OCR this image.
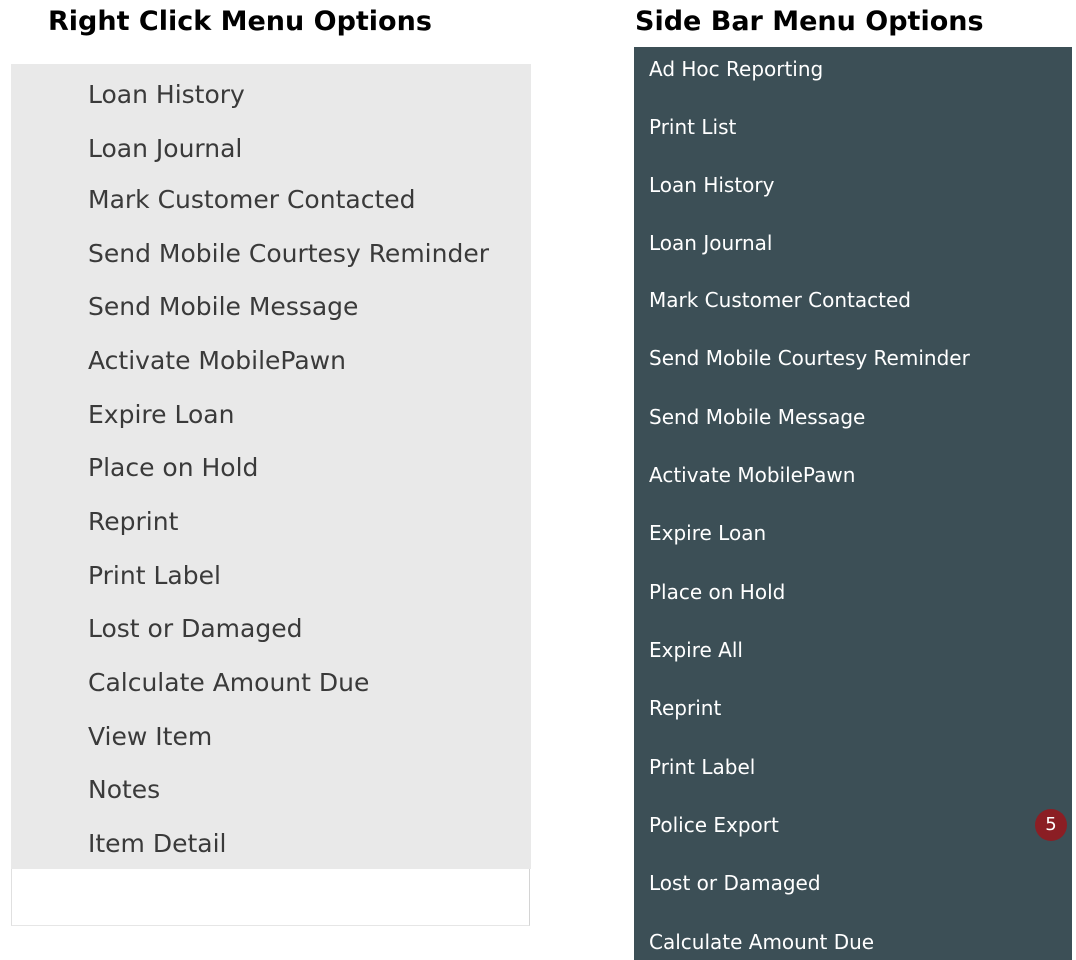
Right Click Menu Options	Side Bar Menu Options
Loan History
Loan Journal
Mark Customer Contacted
Send Mobile Courtesy Reminder
Send Mobile Message
Activate MobilePawn
Expire Loan
Place on Hold
Reprint
Print Label
Lost or Damaged
Calculate Amount Due
View Item
Notes
Item Detail
Ad Hoc Reporting
Print List
Loan History
Loan Journal
Mark Customer Contacted
Send Mobile Courtesy Reminder
Send Mobile Message
Activate MobilePawn
Expire Loan
Place on Hold
Expire All
Reprint
Print Label
Police Export	5
Lost or Damaged
Calculate Amount Due
